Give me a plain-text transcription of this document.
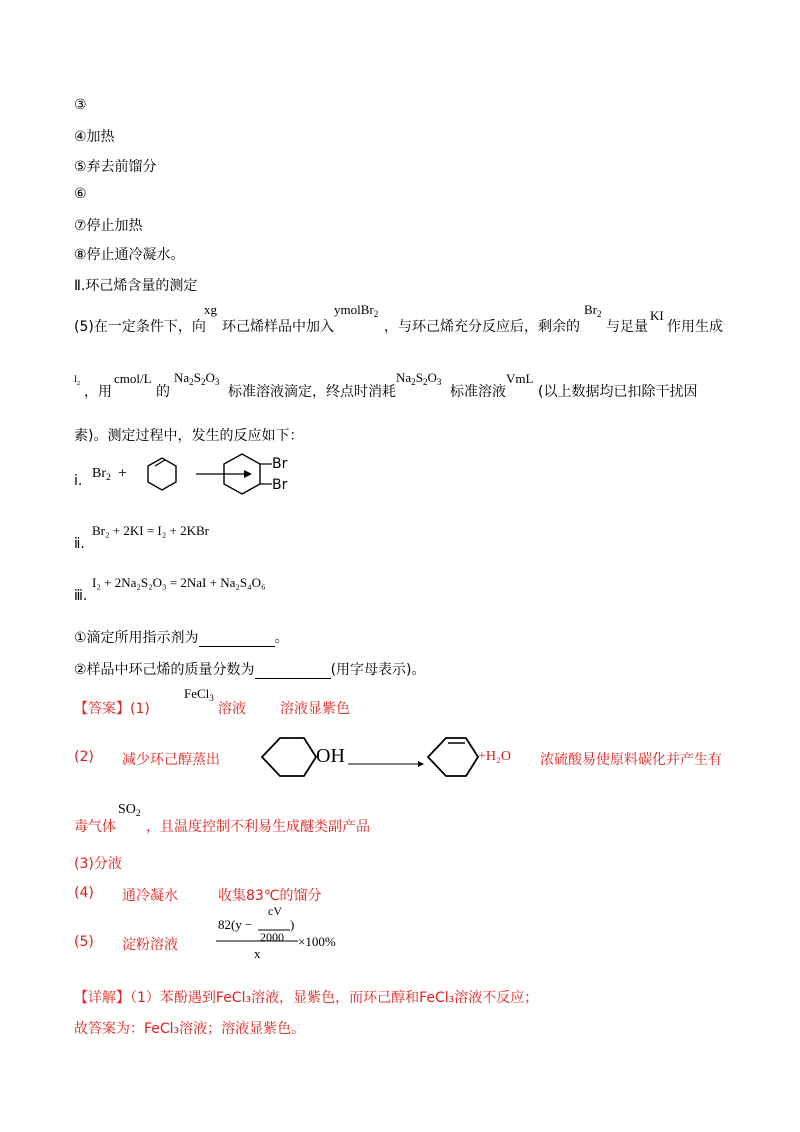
③
④加热
⑤弃去前馏分
⑥
⑦停止加热
⑧停止通冷凝水。
Ⅱ.环己烯含量的测定
(5)在一定条件下，向
xg
环己烯样品中加入
ymolBr$_2$
，与环己烯充分反应后，剩余的
$Br_2$
与足量
KI
作用生成
$I_2$
，用
cmol/L
的
$Na_2S_2O_3$
标准溶液滴定，终点时消耗
$Na_2S_2O_3$
标准溶液
VmL
(以上数据均已扣除干扰因
素)。测定过程中，发生的反应如下：
ⅰ. $Br_2$ +
Br
Br
ⅱ.
Br₂ + 2KI = I₂ + 2KBr
ⅲ.
I₂ + 2Na₂S₂O₃ = 2NaI + Na₂S₄O₆
①滴定所用指示剂为	。
②样品中环己烯的质量分数为	(用字母表示)。
【答案】(1)
FeCl$_3$
溶液 溶液显紫色
(2) 减少环己醇蒸出	OH	+H₂O 浓硫酸易使原料碳化并产生有
毒气体
$SO_2$
，且温度控制不利易生成醚类副产品
(3)分液
(4) 通冷凝水	收集83℃的馏分
(5) 淀粉溶液
82(y −
cV
2000
)
x
×100%
【详解】（1）苯酚遇到FeCl₃溶液，显紫色，而环己醇和FeCl₃溶液不反应；
故答案为：FeCl₃溶液；溶液显紫色。
